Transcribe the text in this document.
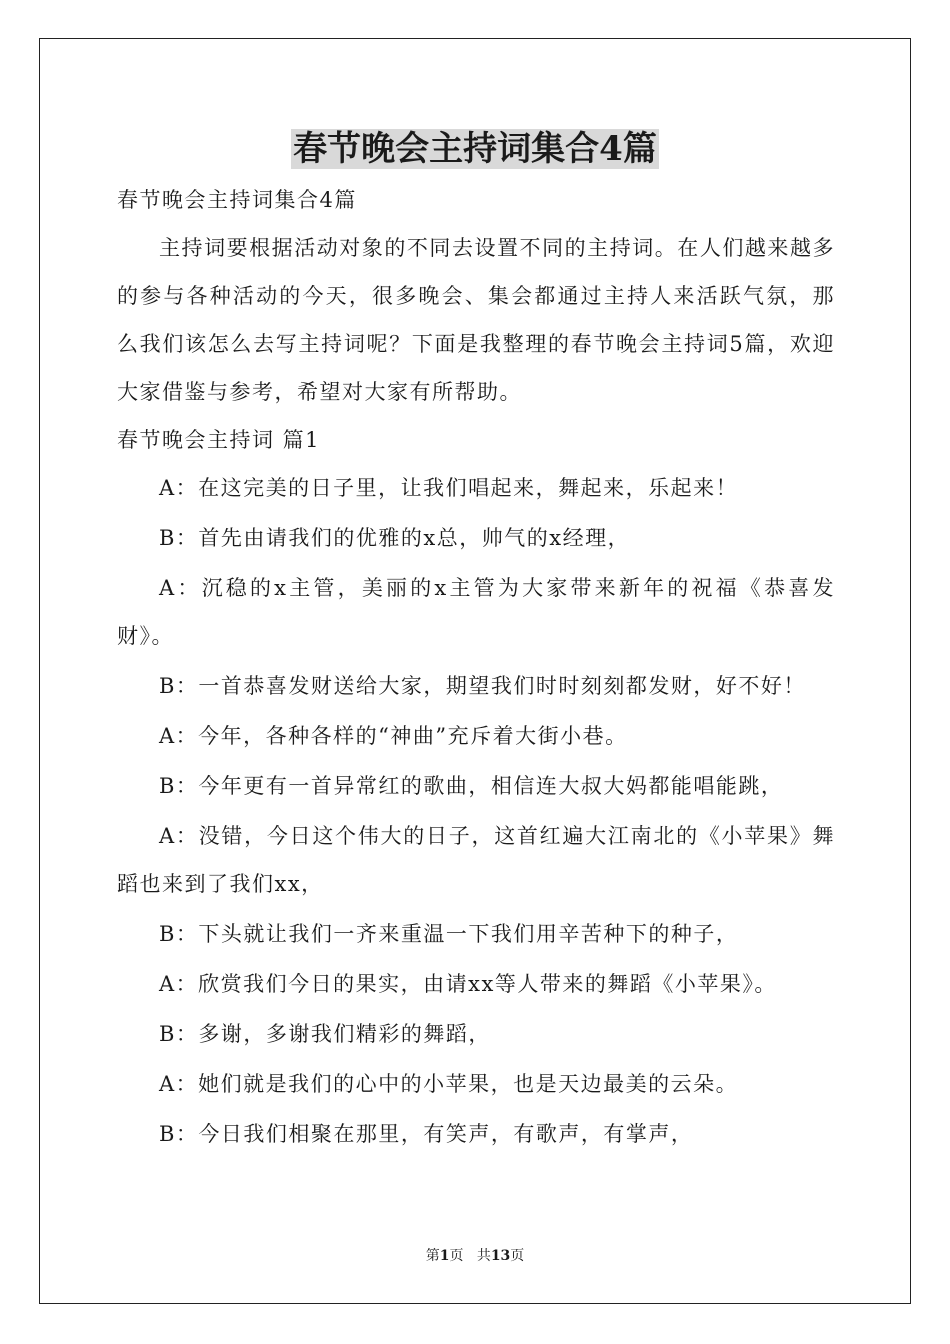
春节晚会主持词集合4篇

春节晚会主持词集合4篇

主持词要根据活动对象的不同去设置不同的主持词。在人们越来越多的参与各种活动的今天，很多晚会、集会都通过主持人来活跃气氛，那么我们该怎么去写主持词呢？下面是我整理的春节晚会主持词5篇，欢迎大家借鉴与参考，希望对大家有所帮助。

春节晚会主持词 篇1

A：在这完美的日子里，让我们唱起来，舞起来，乐起来！

B：首先由请我们的优雅的x总，帅气的x经理，

A：沉稳的x主管，美丽的x主管为大家带来新年的祝福《恭喜发财》。

B：一首恭喜发财送给大家，期望我们时时刻刻都发财，好不好！

A：今年，各种各样的“神曲”充斥着大街小巷。

B：今年更有一首异常红的歌曲，相信连大叔大妈都能唱能跳，

A：没错，今日这个伟大的日子，这首红遍大江南北的《小苹果》舞蹈也来到了我们xx，

B：下头就让我们一齐来重温一下我们用辛苦种下的种子，

A：欣赏我们今日的果实，由请xx等人带来的舞蹈《小苹果》。

B：多谢，多谢我们精彩的舞蹈，

A：她们就是我们的心中的小苹果，也是天边最美的云朵。

B：今日我们相聚在那里，有笑声，有歌声，有掌声，

第1页 共13页
